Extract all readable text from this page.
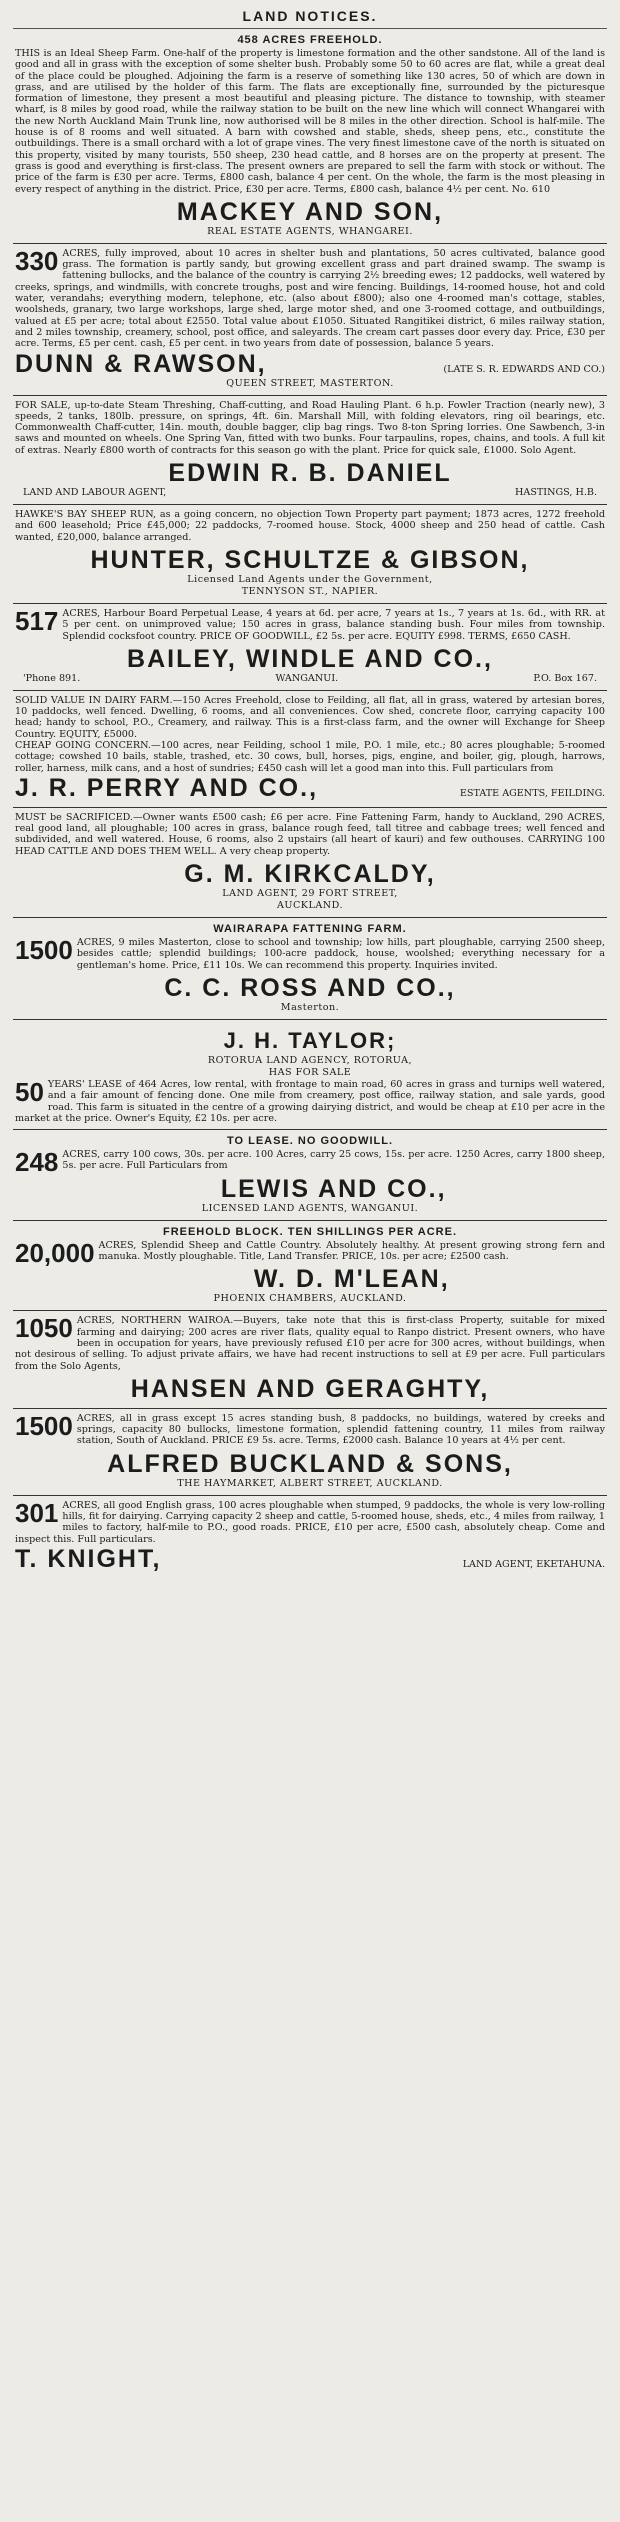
LAND NOTICES.
458 ACRES FREEHOLD.
THIS is an Ideal Sheep Farm. One-half of the property is limestone formation and the other sandstone. All of the land is good and all in grass with the exception of some shelter bush. Probably some 50 to 60 acres are flat, while a great deal of the place could be ploughed. Adjoining the farm is a reserve of something like 130 acres, 50 of which are down in grass, and are utilised by the holder of this farm. The flats are exceptionally fine, surrounded by the picturesque formation of limestone, they present a most beautiful and pleasing picture. The distance to township, with steamer wharf, is 8 miles by good road, while the railway station to be built on the new line which will connect Whangarei with the new North Auckland Main Trunk line, now authorised will be 8 miles in the other direction. School is half-mile. The house is of 8 rooms and well situated. A barn with cowshed and stable, sheds, sheep pens, etc., constitute the outbuildings. There is a small orchard with a lot of grape vines. The very finest limestone cave of the north is situated on this property, visited by many tourists, 550 sheep, 230 head cattle, and 8 horses are on the property at present. The grass is good and everything is first-class. The present owners are prepared to sell the farm with stock or without. The price of the farm is £30 per acre. Terms, £800 cash, balance 4 per cent. On the whole, the farm is the most pleasing in every respect of anything in the district. Price, £30 per acre. Terms, £800 cash, balance 4½ per cent. No. 610
MACKEY AND SON,
REAL ESTATE AGENTS, WHANGAREI.
330 ACRES, fully improved, about 10 acres in shelter bush and plantations, 50 acres cultivated, balance good grass. The formation is partly sandy, but growing excellent grass and part drained swamp. The swamp is fattening bullocks, and the balance of the country is carrying 2½ breeding ewes; 12 paddocks, well watered by creeks, springs, and windmills, with concrete troughs, post and wire fencing. Buildings, 14-roomed house, hot and cold water, verandahs; everything modern, telephone, etc. (also about £800); also one 4-roomed man's cottage, stables, woolsheds, granary, two large workshops, large shed, large motor shed, and one 3-roomed cottage, and outbuildings, valued at £5 per acre; total about £2550. Total value about £1050. Situated Rangitikei district, 6 miles railway station, and 2 miles township, creamery, school, post office, and saleyards. The cream cart passes door every day. Price, £30 per acre. Terms, £5 per cent. cash, £5 per cent. in two years from date of possession, balance 5 years.
DUNN & RAWSON,	(LATE S. R. EDWARDS AND CO.)
QUEEN STREET, MASTERTON.
FOR SALE, up-to-date Steam Threshing, Chaff-cutting, and Road Hauling Plant. 6 h.p. Fowler Traction (nearly new), 3 speeds, 2 tanks, 180lb. pressure, on springs, 4ft. 6in. Marshall Mill, with folding elevators, ring oil bearings, etc. Commonwealth Chaff-cutter, 14in. mouth, double bagger, clip bag rings. Two 8-ton Spring lorries. One Sawbench, 3-in saws and mounted on wheels. One Spring Van, fitted with two bunks. Four tarpaulins, ropes, chains, and tools. A full kit of extras. Nearly £800 worth of contracts for this season go with the plant. Price for quick sale, £1000. Solo Agent.
EDWIN R. B. DANIEL
LAND AND LABOUR AGENT,	HASTINGS, H.B.
HAWKE'S BAY SHEEP RUN, as a going concern, no objection Town Property part payment; 1873 acres, 1272 freehold and 600 leasehold; Price £45,000; 22 paddocks, 7-roomed house. Stock, 4000 sheep and 250 head of cattle. Cash wanted, £20,000, balance arranged.
HUNTER, SCHULTZE & GIBSON,
Licensed Land Agents under the Government,
TENNYSON ST., NAPIER.
517 ACRES, Harbour Board Perpetual Lease, 4 years at 6d. per acre, 7 years at 1s., 7 years at 1s. 6d., with RR. at 5 per cent. on unimproved value; 150 acres in grass, balance standing bush. Four miles from township. Splendid cocksfoot country. PRICE OF GOODWILL, £2 5s. per acre. EQUITY £998. TERMS, £650 CASH.
BAILEY, WINDLE AND CO.,
'Phone 891.	WANGANUI.	P.O. Box 167.
SOLID VALUE IN DAIRY FARM.—150 Acres Freehold, close to Feilding, all flat, all in grass, watered by artesian bores, 10 paddocks, well fenced. Dwelling, 6 rooms, and all conveniences. Cow shed, concrete floor, carrying capacity 100 head; handy to school, P.O., Creamery, and railway. This is a first-class farm, and the owner will Exchange for Sheep Country. EQUITY, £5000.
CHEAP GOING CONCERN.—100 acres, near Feilding, school 1 mile, P.O. 1 mile, etc.; 80 acres ploughable; 5-roomed cottage; cowshed 10 bails, stable, trashed, etc. 30 cows, bull, horses, pigs, engine, and boiler, gig, plough, harrows, roller, harness, milk cans, and a host of sundries; £450 cash will let a good man into this. Full particulars from
J. R. PERRY AND CO.,	ESTATE AGENTS, FEILDING.
MUST be SACRIFICED.—Owner wants £500 cash; £6 per acre. Fine Fattening Farm, handy to Auckland, 290 ACRES, real good land, all ploughable; 100 acres in grass, balance rough feed, tall titree and cabbage trees; well fenced and subdivided, and well watered. House, 6 rooms, also 2 upstairs (all heart of kauri) and few outhouses. CARRYING 100 HEAD CATTLE AND DOES THEM WELL. A very cheap property.
G. M. KIRKCALDY,
LAND AGENT, 29 FORT STREET,
AUCKLAND.
WAIRARAPA FATTENING FARM.
1500 ACRES, 9 miles Masterton, close to school and township; low hills, part ploughable, carrying 2500 sheep, besides cattle; splendid buildings; 100-acre paddock, house, woolshed; everything necessary for a gentleman's home. Price, £11 10s. We can recommend this property. Inquiries invited.
C. C. ROSS AND CO.,
Masterton.
J. H. TAYLOR;
ROTORUA LAND AGENCY, ROTORUA,
HAS FOR SALE
50 YEARS' LEASE of 464 Acres, low rental, with frontage to main road, 60 acres in grass and turnips well watered, and a fair amount of fencing done. One mile from creamery, post office, railway station, and sale yards, good road. This farm is situated in the centre of a growing dairying district, and would be cheap at £10 per acre in the market at the price. Owner's Equity, £2 10s. per acre.
TO LEASE. NO GOODWILL.
248 ACRES, carry 100 cows, 30s. per acre. 100 Acres, carry 25 cows, 15s. per acre. 1250 Acres, carry 1800 sheep, 5s. per acre. Full Particulars from
LEWIS AND CO.,
LICENSED LAND AGENTS, WANGANUI.
FREEHOLD BLOCK. TEN SHILLINGS PER ACRE.
20,000 ACRES, Splendid Sheep and Cattle Country. Absolutely healthy. At present growing strong fern and manuka. Mostly ploughable. Title, Land Transfer. PRICE, 10s. per acre; £2500 cash.
W. D. M'LEAN,
PHOENIX CHAMBERS, AUCKLAND.
1050 ACRES, NORTHERN WAIROA.—Buyers, take note that this is first-class Property, suitable for mixed farming and dairying; 200 acres are river flats, quality equal to Ranpo district. Present owners, who have been in occupation for years, have previously refused £10 per acre for 300 acres, without buildings, when not desirous of selling. To adjust private affairs, we have had recent instructions to sell at £9 per acre. Full particulars from the Solo Agents,
HANSEN AND GERAGHTY,
1500 ACRES, all in grass except 15 acres standing bush, 8 paddocks, no buildings, watered by creeks and springs, capacity 80 bullocks, limestone formation, splendid fattening country, 11 miles from railway station, South of Auckland. PRICE £9 5s. acre. Terms, £2000 cash. Balance 10 years at 4½ per cent.
ALFRED BUCKLAND & SONS,
THE HAYMARKET, ALBERT STREET, AUCKLAND.
301 ACRES, all good English grass, 100 acres ploughable when stumped, 9 paddocks, the whole is very low-rolling hills, fit for dairying. Carrying capacity 2 sheep and cattle, 5-roomed house, sheds, etc., 4 miles from railway, 1 miles to factory, half-mile to P.O., good roads. PRICE, £10 per acre, £500 cash, absolutely cheap. Come and inspect this. Full particulars.
T. KNIGHT,	LAND AGENT, EKETAHUNA.
